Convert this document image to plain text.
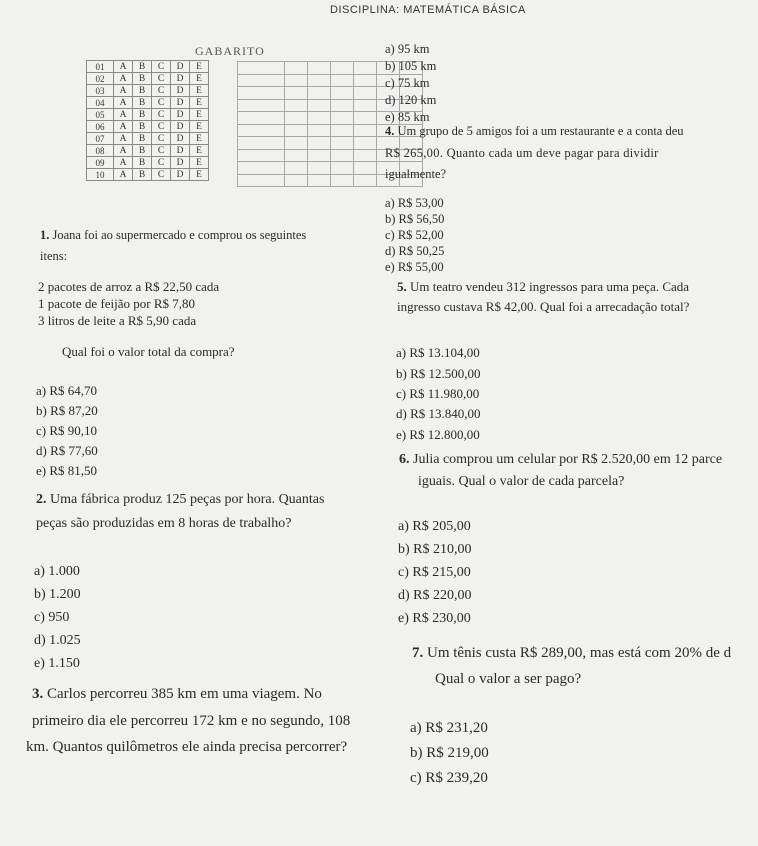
DISCIPLINA: MATEMÁTICA BÁSICA
GABARITO
01	A	B	C	D	E
02	A	B	C	D	E
03	A	B	C	D	E
04	A	B	C	D	E
05	A	B	C	D	E
06	A	B	C	D	E
07	A	B	C	D	E
08	A	B	C	D	E
09	A	B	C	D	E
10	A	B	C	D	E

a) 95 km
b) 105 km
c) 75 km
d) 120 km
e) 85 km
4. Um grupo de 5 amigos foi a um restaurante e a conta deu
R$ 265,00. Quanto cada um deve pagar para dividir
igualmente?
a) R$ 53,00
b) R$ 56,50
c) R$ 52,00
d) R$ 50,25
e) R$ 55,00
1. Joana foi ao supermercado e comprou os seguintes
itens:
2 pacotes de arroz a R$ 22,50 cada
1 pacote de feijão por R$ 7,80
3 litros de leite a R$ 5,90 cada
Qual foi o valor total da compra?
a) R$ 64,70
b) R$ 87,20
c) R$ 90,10
d) R$ 77,60
e) R$ 81,50
5. Um teatro vendeu 312 ingressos para uma peça. Cada
ingresso custava R$ 42,00. Qual foi a arrecadação total?
a) R$ 13.104,00
b) R$ 12.500,00
c) R$ 11.980,00
d) R$ 13.840,00
e) R$ 12.800,00
6. Julia comprou um celular por R$ 2.520,00 em 12 parce
iguais. Qual o valor de cada parcela?
a) R$ 205,00
b) R$ 210,00
c) R$ 215,00
d) R$ 220,00
e) R$ 230,00
2. Uma fábrica produz 125 peças por hora. Quantas
peças são produzidas em 8 horas de trabalho?
a) 1.000
b) 1.200
c) 950
d) 1.025
e) 1.150
7. Um tênis custa R$ 289,00, mas está com 20% de d
Qual o valor a ser pago?
a) R$ 231,20
b) R$ 219,00
c) R$ 239,20
3. Carlos percorreu 385 km em uma viagem. No
primeiro dia ele percorreu 172 km e no segundo, 108
km. Quantos quilômetros ele ainda precisa percorrer?
